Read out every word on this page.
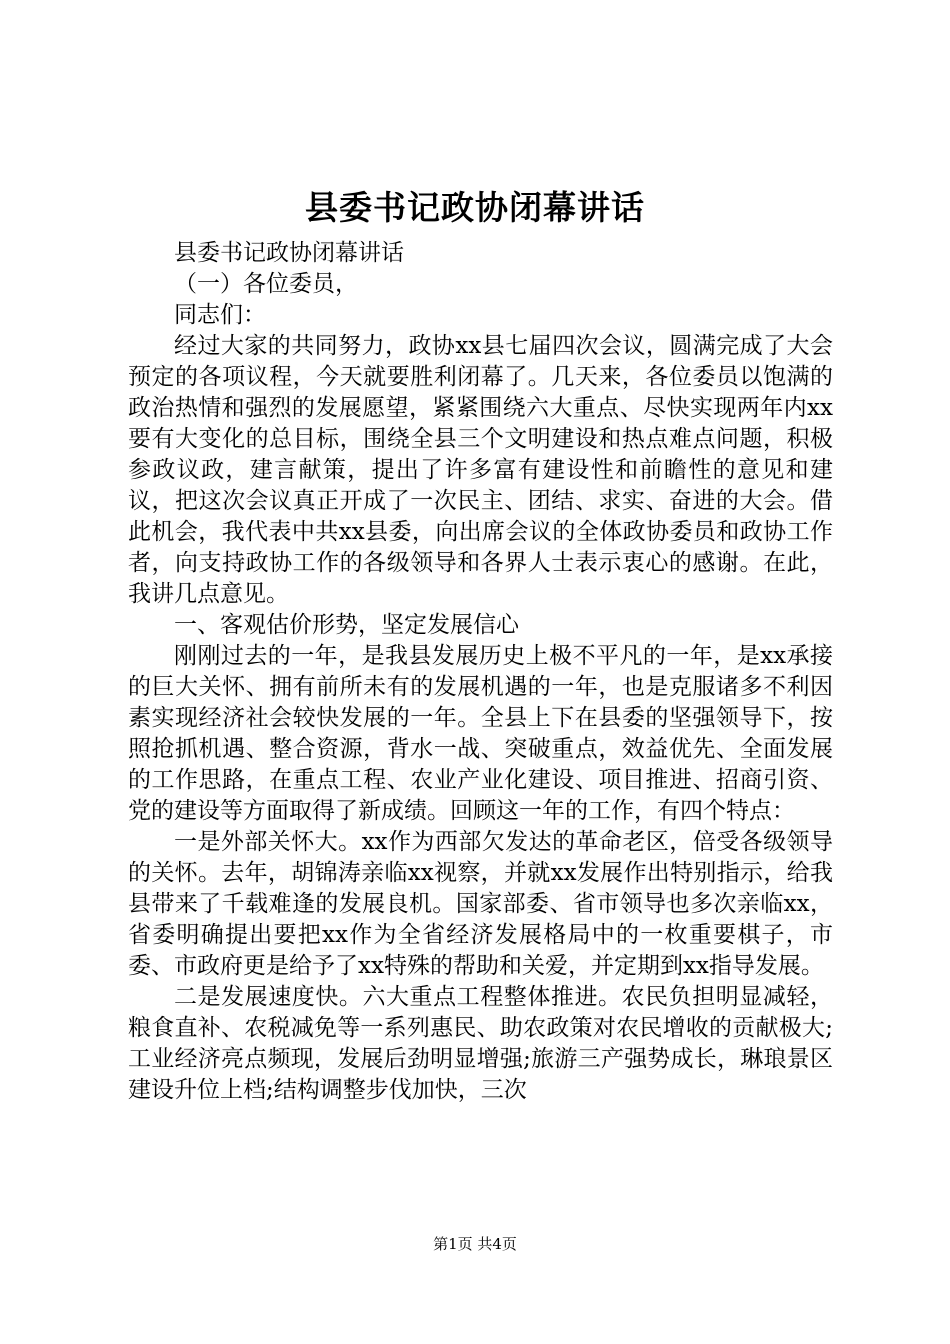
县委书记政协闭幕讲话

县委书记政协闭幕讲话

（一）各位委员，

同志们：

经过大家的共同努力，政协xx县七届四次会议，圆满完成了大会预定的各项议程，今天就要胜利闭幕了。几天来，各位委员以饱满的政治热情和强烈的发展愿望，紧紧围绕六大重点、尽快实现两年内xx要有大变化的总目标，围绕全县三个文明建设和热点难点问题，积极参政议政，建言献策，提出了许多富有建设性和前瞻性的意见和建议，把这次会议真正开成了一次民主、团结、求实、奋进的大会。借此机会，我代表中共xx县委，向出席会议的全体政协委员和政协工作者，向支持政协工作的各级领导和各界人士表示衷心的感谢。在此，我讲几点意见。

一、客观估价形势，坚定发展信心

刚刚过去的一年，是我县发展历史上极不平凡的一年，是xx承接的巨大关怀、拥有前所未有的发展机遇的一年，也是克服诸多不利因素实现经济社会较快发展的一年。全县上下在县委的坚强领导下，按照抢抓机遇、整合资源，背水一战、突破重点，效益优先、全面发展的工作思路，在重点工程、农业产业化建设、项目推进、招商引资、党的建设等方面取得了新成绩。回顾这一年的工作，有四个特点：

一是外部关怀大。xx作为西部欠发达的革命老区，倍受各级领导的关怀。去年，胡锦涛亲临xx视察，并就xx发展作出特别指示，给我县带来了千载难逢的发展良机。国家部委、省市领导也多次亲临xx，省委明确提出要把xx作为全省经济发展格局中的一枚重要棋子，市委、市政府更是给予了xx特殊的帮助和关爱，并定期到xx指导发展。

二是发展速度快。六大重点工程整体推进。农民负担明显减轻，粮食直补、农税减免等一系列惠民、助农政策对农民增收的贡献极大;工业经济亮点频现，发展后劲明显增强;旅游三产强势成长，琳琅景区建设升位上档;结构调整步伐加快，三次

第1页 共4页
